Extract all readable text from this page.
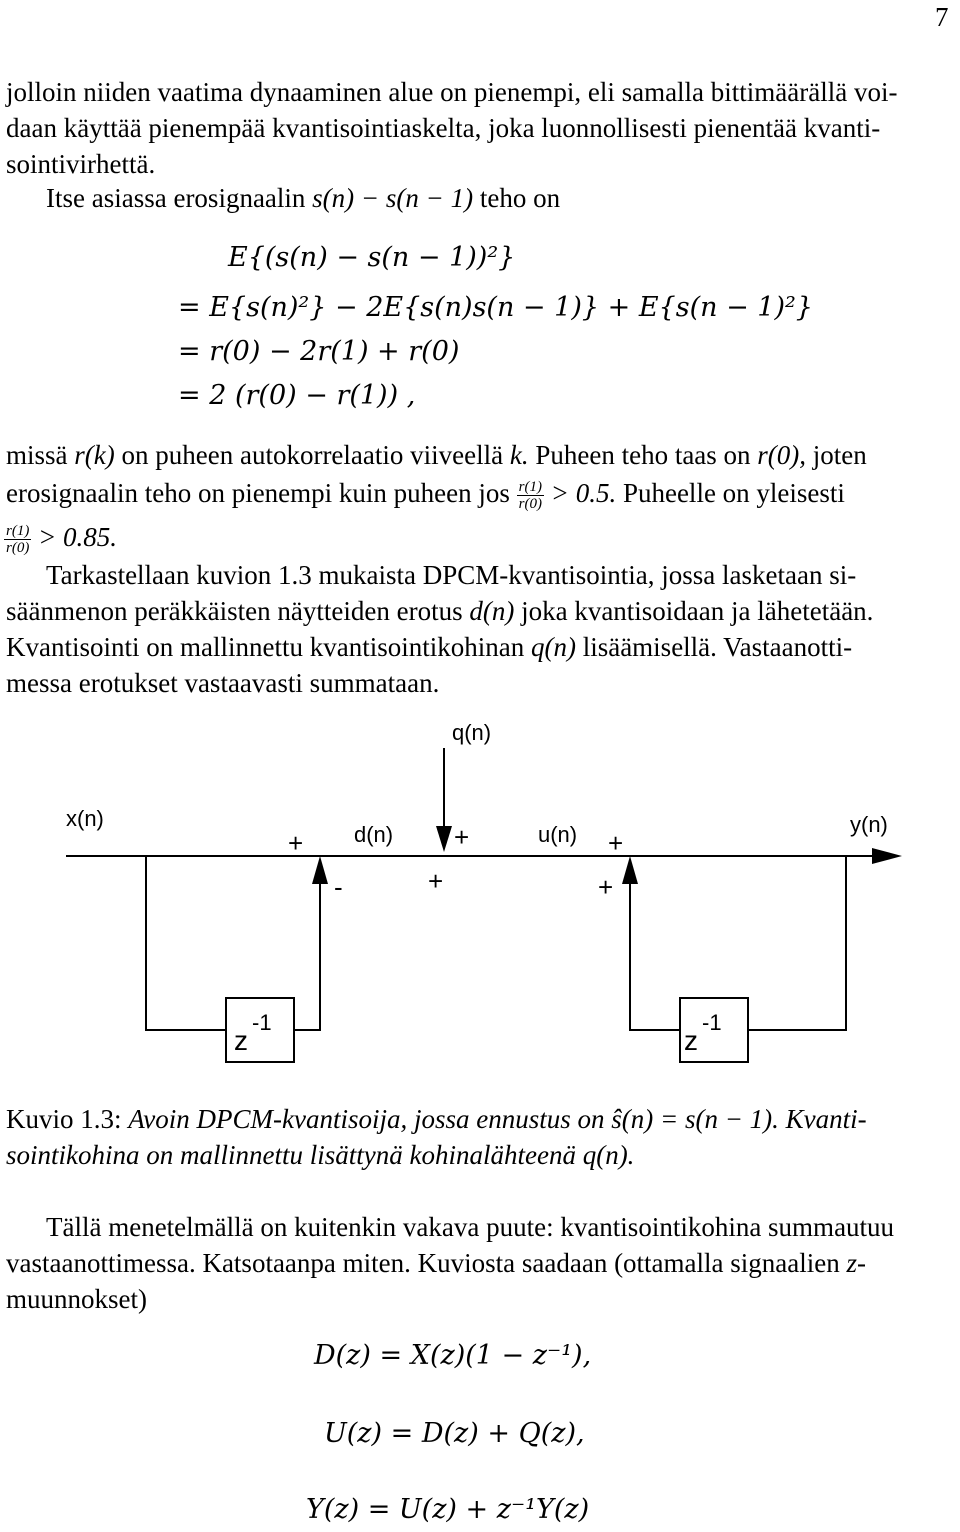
7
jolloin niiden vaatima dynaaminen alue on pienempi, eli samalla bittimäärällä voi-
daan käyttää pienempää kvantisointiaskelta, joka luonnollisesti pienentää kvanti-
sointivirhettä.
Itse asiassa erosignaalin s(n) − s(n − 1) teho on
E{(s(n) − s(n − 1))²}
= E{s(n)²} − 2E{s(n)s(n − 1)} + E{s(n − 1)²}
= r(0) − 2r(1) + r(0)
= 2 (r(0) − r(1)) ,
missä r(k) on puheen autokorrelaatio viiveellä k. Puheen teho taas on r(0), joten
erosignaalin teho on pienempi kuin puheen jos $\frac{r(1)}{r(0)} > 0.5$. Puheelle on yleisesti
$\frac{r(1)}{r(0)} > 0.85$.
Tarkastellaan kuvion 1.3 mukaista DPCM-kvantisointia, jossa lasketaan si-
säänmenon peräkkäisten näytteiden erotus d(n) joka kvantisoidaan ja lähetetään.
Kvantisointi on mallinnettu kvantisointikohinan q(n) lisäämisellä. Vastaanotti-
messa erotukset vastaavasti summataan.
q(n)
x(n)
d(n)	u(n)	y(n)
+	+	+
-	+	+
z
-1
z
-1
Kuvio 1.3: Avoin DPCM-kvantisoija, jossa ennustus on ŝ(n) = s(n − 1). Kvanti-
sointikohina on mallinnettu lisättynä kohinalähteenä q(n).
Tällä menetelmällä on kuitenkin vakava puute: kvantisointikohina summautuu
vastaanottimessa. Katsotaanpa miten. Kuviosta saadaan (ottamalla signaalien z-
muunnokset)
D(z) = X(z)(1 − z⁻¹),
U(z) = D(z) + Q(z),
Y(z) = U(z) + z⁻¹Y(z)
